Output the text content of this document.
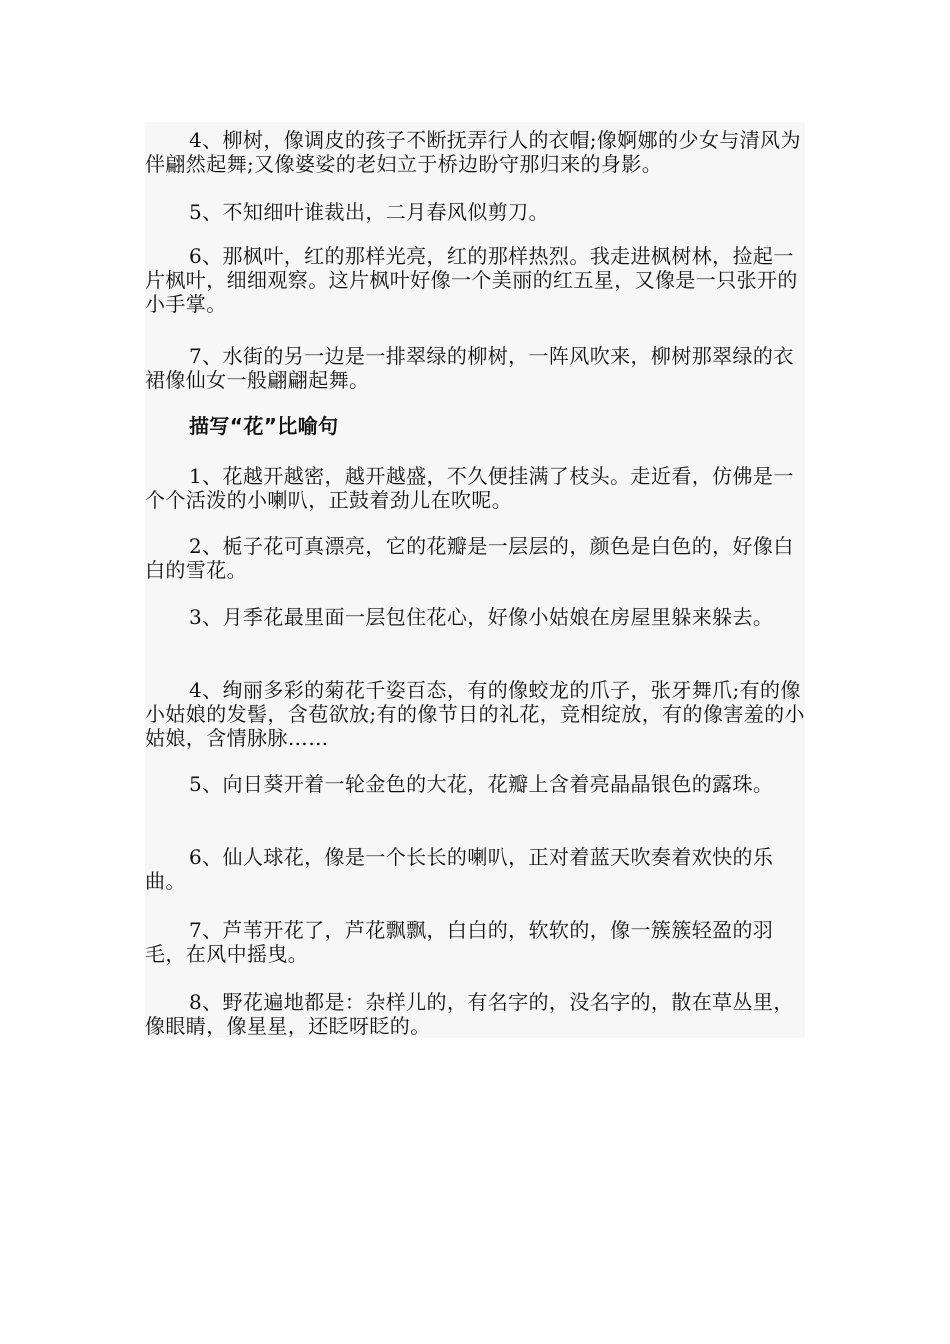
4、柳树，像调皮的孩子不断抚弄行人的衣帽;像婀娜的少女与清风为伴翩然起舞;又像婆娑的老妇立于桥边盼守那归来的身影。

5、不知细叶谁裁出，二月春风似剪刀。

6、那枫叶，红的那样光亮，红的那样热烈。我走进枫树林，捡起一片枫叶，细细观察。这片枫叶好像一个美丽的红五星，又像是一只张开的小手掌。

7、水街的另一边是一排翠绿的柳树，一阵风吹来，柳树那翠绿的衣裙像仙女一般翩翩起舞。

描写“花”比喻句

1、花越开越密，越开越盛，不久便挂满了枝头。走近看，仿佛是一个个活泼的小喇叭，正鼓着劲儿在吹呢。

2、栀子花可真漂亮，它的花瓣是一层层的，颜色是白色的，好像白白的雪花。

3、月季花最里面一层包住花心，好像小姑娘在房屋里躲来躲去。

4、绚丽多彩的菊花千姿百态，有的像蛟龙的爪子，张牙舞爪;有的像小姑娘的发髻，含苞欲放;有的像节日的礼花，竞相绽放，有的像害羞的小姑娘，含情脉脉……

5、向日葵开着一轮金色的大花，花瓣上含着亮晶晶银色的露珠。

6、仙人球花，像是一个长长的喇叭，正对着蓝天吹奏着欢快的乐曲。

7、芦苇开花了，芦花飘飘，白白的，软软的，像一簇簇轻盈的羽毛，在风中摇曳。

8、野花遍地都是：杂样儿的，有名字的，没名字的，散在草丛里，像眼睛，像星星，还眨呀眨的。
